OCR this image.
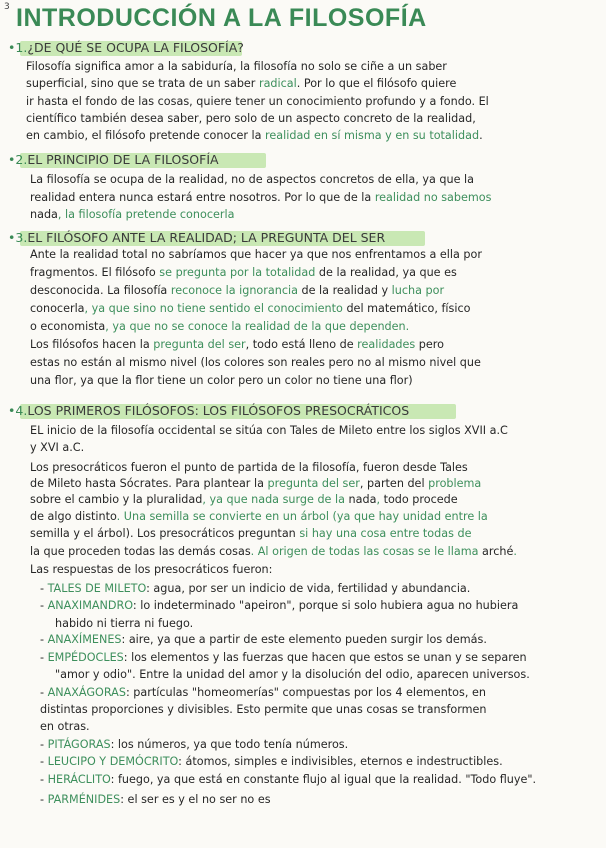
3 INTRODUCCIÓN A LA FILOSOFÍA
•1.¿DE QUÉ SE OCUPA LA FILOSOFÍA?
Filosofía significa amor a la sabiduría, la filosofía no solo se ciñe a un saber
superficial, sino que se trata de un saber radical. Por lo que el filósofo quiere
ir hasta el fondo de las cosas, quiere tener un conocimiento profundo y a fondo. El
científico también desea saber, pero solo de un aspecto concreto de la realidad,
en cambio, el filósofo pretende conocer la realidad en sí misma y en su totalidad.
•2.EL PRINCIPIO DE LA FILOSOFÍA
La filosofía se ocupa de la realidad, no de aspectos concretos de ella, ya que la
realidad entera nunca estará entre nosotros. Por lo que de la realidad no sabemos
nada, la filosofía pretende conocerla
•3.EL FILÓSOFO ANTE LA REALIDAD; LA PREGUNTA DEL SER
Ante la realidad total no sabríamos que hacer ya que nos enfrentamos a ella por
fragmentos. El filósofo se pregunta por la totalidad de la realidad, ya que es
desconocida. La filosofía reconoce la ignorancia de la realidad y lucha por
conocerla, ya que sino no tiene sentido el conocimiento del matemático, físico
o economista, ya que no se conoce la realidad de la que dependen.
Los filósofos hacen la pregunta del ser, todo está lleno de realidades pero
estas no están al mismo nivel (los colores son reales pero no al mismo nivel que
una flor, ya que la flor tiene un color pero un color no tiene una flor)
•4.LOS PRIMEROS FILÓSOFOS: LOS FILÓSOFOS PRESOCRÁTICOS
EL inicio de la filosofía occidental se sitúa con Tales de Mileto entre los siglos XVII a.C
y XVI a.C.
Los presocráticos fueron el punto de partida de la filosofía, fueron desde Tales
de Mileto hasta Sócrates. Para plantear la pregunta del ser, parten del problema
sobre el cambio y la pluralidad, ya que nada surge de la nada, todo procede
de algo distinto. Una semilla se convierte en un árbol (ya que hay unidad entre la
semilla y el árbol). Los presocráticos preguntan si hay una cosa entre todas de
la que proceden todas las demás cosas. Al origen de todas las cosas se le llama arché.
Las respuestas de los presocráticos fueron:
- TALES DE MILETO: agua, por ser un indicio de vida, fertilidad y abundancia.
- ANAXIMANDRO: lo indeterminado "apeiron", porque si solo hubiera agua no hubiera
habido ni tierra ni fuego.
- ANAXÍMENES: aire, ya que a partir de este elemento pueden surgir los demás.
- EMPÉDOCLES: los elementos y las fuerzas que hacen que estos se unan y se separen
"amor y odio". Entre la unidad del amor y la disolución del odio, aparecen universos.
- ANAXÁGORAS: partículas "homeomerías" compuestas por los 4 elementos, en
distintas proporciones y divisibles. Esto permite que unas cosas se transformen
en otras.
- PITÁGORAS: los números, ya que todo tenía números.
- LEUCIPO Y DEMÓCRITO: átomos, simples e indivisibles, eternos e indestructibles.
- HERÁCLITO: fuego, ya que está en constante flujo al igual que la realidad. "Todo fluye".
- PARMÉNIDES: el ser es y el no ser no es
